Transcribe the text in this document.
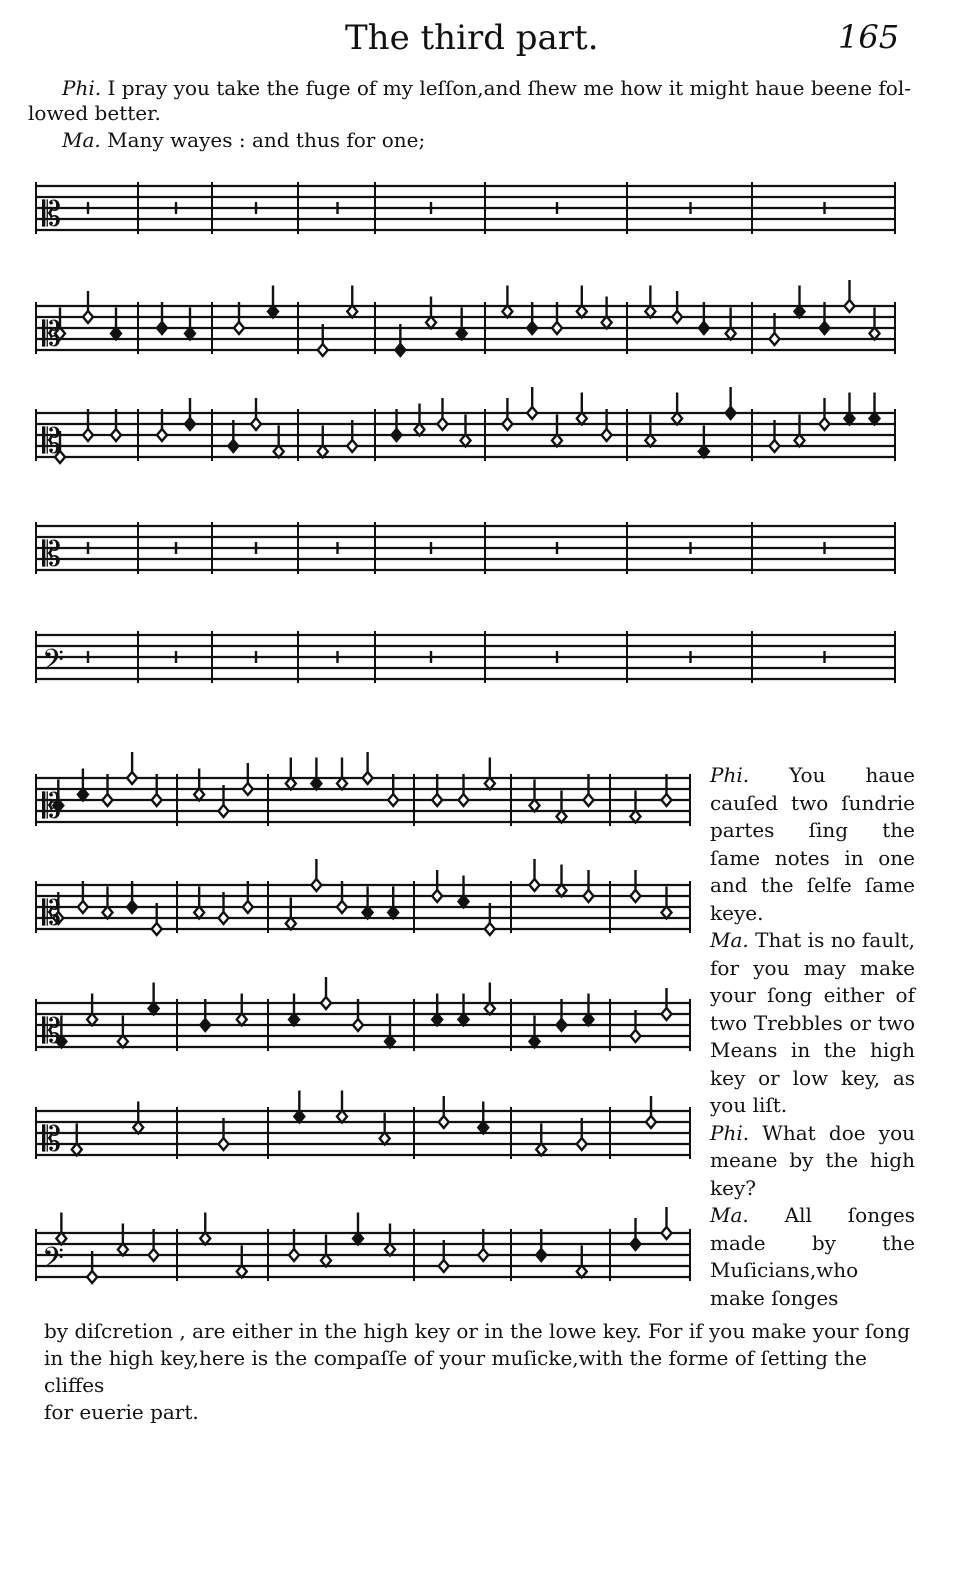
The third part.	165
Phi. I pray you take the fuge of my leſſon,and ſhew me how it might haue beene fol-
lowed better.
Ma. Many wayes : and thus for one;
𝄡
𝄡
𝄡
𝄡
𝄢
𝄡
𝄡
𝄡
𝄡
𝄢

Phi. You haue cauſed two ſundrie partes ſing the ſame notes in one and the ſelfe ſame keye.

Ma. That is no fault, for you may make your ſong either of two Trebbles or two Means in the high key or low key, as you liſt.

Phi. What doe you meane by the high key?

Ma. All ſonges made by the Muſicians,who make ſonges

by diſcretion , are either in the high key or in the lowe key. For if you make your ſong

in the high key,here is the compaſſe of your muſicke,with the forme of ſetting the cliffes

for euerie part.
